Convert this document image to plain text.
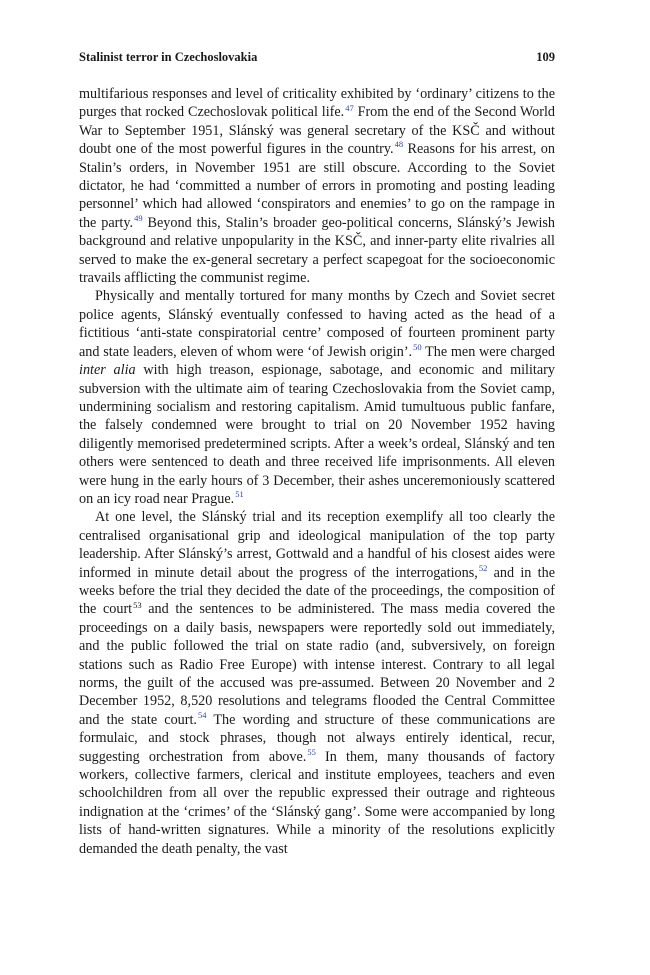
Stalinist terror in Czechoslovakia	109

multifarious responses and level of criticality exhibited by ‘ordinary’ citizens to the purges that rocked Czechoslovak political life.$^{47}$ From the end of the Second World War to September 1951, Slánský was general secretary of the KSČ and without doubt one of the most powerful figures in the country.$^{48}$ Reasons for his arrest, on Stalin’s orders, in November 1951 are still obscure. According to the Soviet dictator, he had ‘committed a number of errors in promoting and posting leading personnel’ which had allowed ‘conspirators and enemies’ to go on the rampage in the party.$^{49}$ Beyond this, Stalin’s broader geo-political concerns, Slánský’s Jewish background and relative unpopularity in the KSČ, and inner-party elite rivalries all served to make the ex-general secretary a perfect scapegoat for the socioeconomic travails afflicting the communist regime.

Physically and mentally tortured for many months by Czech and Soviet secret police agents, Slánský eventually confessed to having acted as the head of a fictitious ‘anti-state conspiratorial centre’ composed of fourteen prominent party and state leaders, eleven of whom were ‘of Jewish origin’.$^{50}$ The men were charged inter alia with high treason, espionage, sabotage, and economic and military subversion with the ultimate aim of tearing Czechoslovakia from the Soviet camp, undermining socialism and restoring capitalism. Amid tumultuous public fanfare, the falsely condemned were brought to trial on 20 November 1952 having diligently memorised predetermined scripts. After a week’s ordeal, Slánský and ten others were sentenced to death and three received life imprisonments. All eleven were hung in the early hours of 3 December, their ashes unceremoniously scattered on an icy road near Prague.$^{51}$

At one level, the Slánský trial and its reception exemplify all too clearly the centralised organisational grip and ideological manipulation of the top party leadership. After Slánský’s arrest, Gottwald and a handful of his closest aides were informed in minute detail about the progress of the interrogations,$^{52}$ and in the weeks before the trial they decided the date of the proceedings, the composition of the court$^{53}$ and the sentences to be administered. The mass media covered the proceedings on a daily basis, newspapers were reportedly sold out immediately, and the public followed the trial on state radio (and, subversively, on foreign stations such as Radio Free Europe) with intense interest. Contrary to all legal norms, the guilt of the accused was pre-assumed. Between 20 November and 2 December 1952, 8,520 resolutions and telegrams flooded the Central Committee and the state court.$^{54}$ The wording and structure of these communications are formulaic, and stock phrases, though not always entirely identical, recur, suggesting orchestration from above.$^{55}$ In them, many thousands of factory workers, collective farmers, clerical and institute employees, teachers and even schoolchildren from all over the republic expressed their outrage and righteous indignation at the ‘crimes’ of the ‘Slánský gang’. Some were accompanied by long lists of hand-written signatures. While a minority of the resolutions explicitly demanded the death penalty, the vast
